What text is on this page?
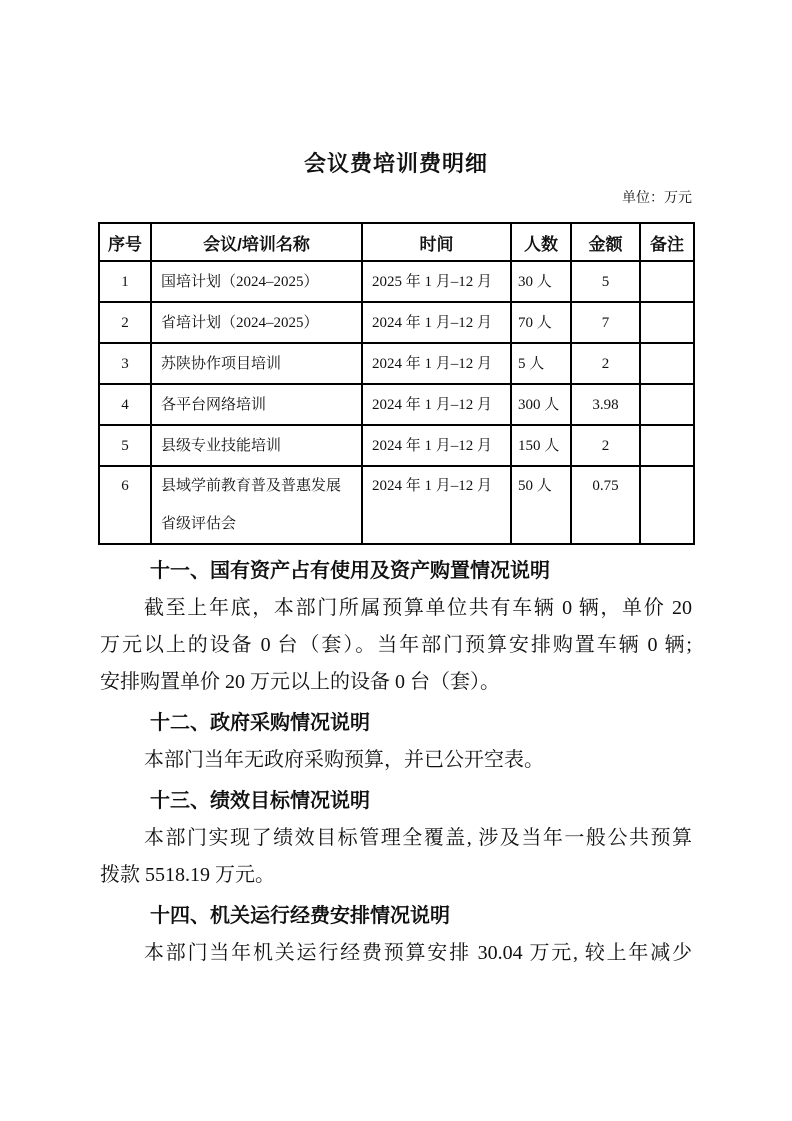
会议费培训费明细
单位：万元
序号	会议/培训名称	时间	人数	金额	备注
1	国培计划（2024–2025）	2025 年 1 月–12 月	30 人	5	
2	省培计划（2024–2025）	2024 年 1 月–12 月	70 人	7	
3	苏陕协作项目培训	2024 年 1 月–12 月	5 人	2	
4	各平台网络培训	2024 年 1 月–12 月	300 人	3.98	
5	县级专业技能培训	2024 年 1 月–12 月	150 人	2	
6	县域学前教育普及普惠发展省级评估会	2024 年 1 月–12 月	50 人	0.75	
十一、国有资产占有使用及资产购置情况说明
截至上年底，本部门所属预算单位共有车辆 0 辆，单价 20
万元以上的设备 0 台（套）。当年部门预算安排购置车辆 0 辆;
安排购置单价 20 万元以上的设备 0 台（套）。
十二、政府采购情况说明
本部门当年无政府采购预算，并已公开空表。
十三、绩效目标情况说明
本部门实现了绩效目标管理全覆盖, 涉及当年一般公共预算
拨款 5518.19 万元。
十四、机关运行经费安排情况说明
本部门当年机关运行经费预算安排 30.04 万元, 较上年减少
